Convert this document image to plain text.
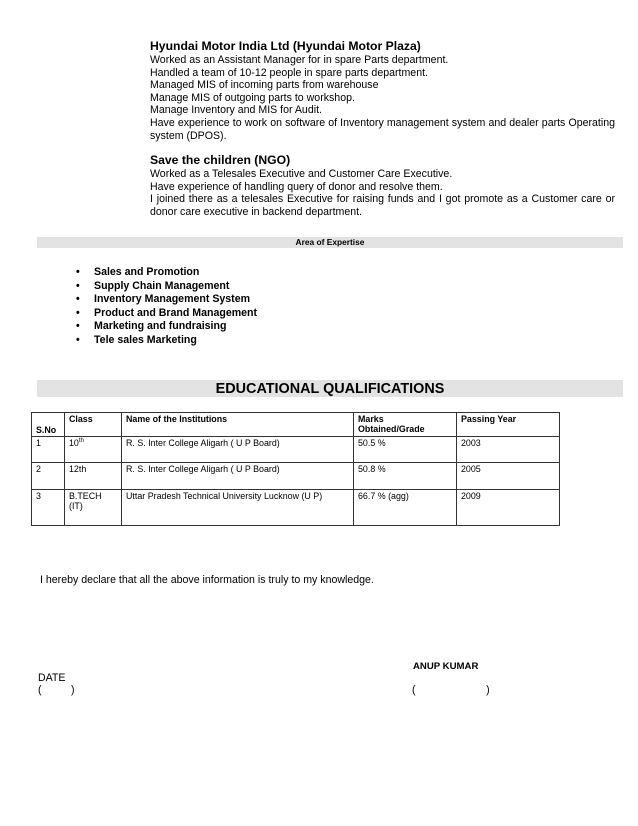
Hyundai Motor India Ltd (Hyundai Motor Plaza)
Worked as an Assistant Manager for in spare Parts department.
Handled a team of 10-12 people in spare parts department.
Managed MIS of incoming parts from warehouse
Manage MIS of outgoing parts to workshop.
Manage Inventory and MIS for Audit.
Have experience to work on software of Inventory management system and dealer parts Operating system (DPOS).
Save the children (NGO)
Worked as a Telesales Executive and Customer Care Executive.
Have experience of handling query of donor and resolve them.
I joined there as a telesales Executive for raising funds and I got promote as a Customer care or donor care executive in backend department.
Area of Expertise
• Sales and Promotion
• Supply Chain Management
• Inventory Management System
• Product and Brand Management
• Marketing and fundraising
• Tele sales Marketing
EDUCATIONAL QUALIFICATIONS
S.No	Class	Name of the Institutions	Marks Obtained/Grade	Passing Year
1	10th	R. S. Inter College Aligarh ( U P Board)	50.5 %	2003
2	12th	R. S. Inter College Aligarh ( U P Board)	50.8 %	2005
3	B.TECH (IT)	Uttar Pradesh Technical University Lucknow (U P)	66.7 % (agg)	2009
I hereby declare that all the above information is truly to my knowledge.
ANUP KUMAR
(                        )
DATE
(          )
